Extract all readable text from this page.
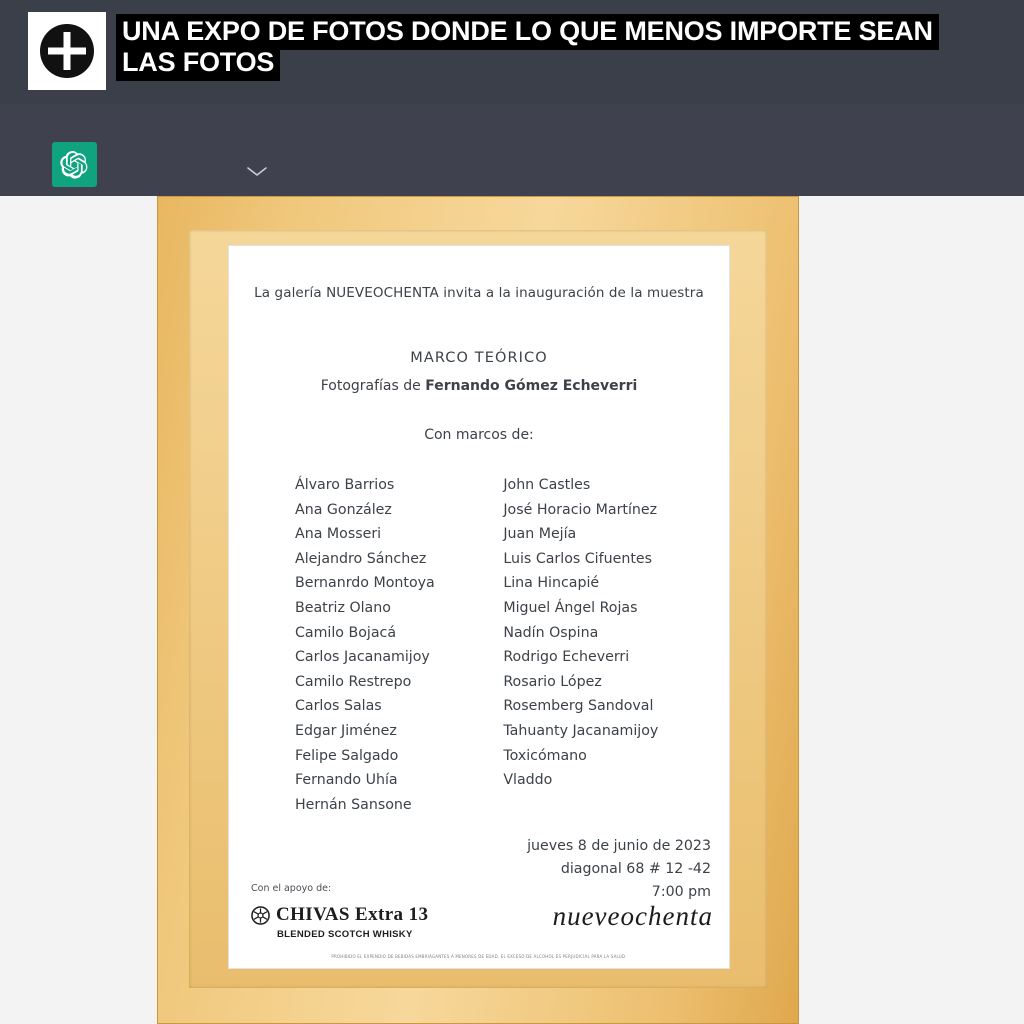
UNA EXPO DE FOTOS DONDE LO QUE MENOS IMPORTE SEAN LAS FOTOS
La galería NUEVEOCHENTA invita a la inauguración de la muestra
MARCO TEÓRICO
Fotografías de Fernando Gómez Echeverri
Con marcos de:
Álvaro Barrios
Ana González
Ana Mosseri
Alejandro Sánchez
Bernanrdo Montoya
Beatriz Olano
Camilo Bojacá
Carlos Jacanamijoy
Camilo Restrepo
Carlos Salas
Edgar Jiménez
Felipe Salgado
Fernando Uhía
Hernán Sansone
John Castles
José Horacio Martínez
Juan Mejía
Luis Carlos Cifuentes
Lina Hincapié
Miguel Ángel Rojas
Nadín Ospina
Rodrigo Echeverri
Rosario López
Rosemberg Sandoval
Tahuanty Jacanamijoy
Toxicómano
Vladdo
jueves 8 de junio de 2023
diagonal 68 # 12 -42
7:00 pm
Con el apoyo de:
CHIVAS Extra 13
BLENDED SCOTCH WHISKY
nueveochenta
PROHIBIDO EL EXPENDIO DE BEBIDAS EMBRIAGANTES A MENORES DE EDAD. EL EXCESO DE ALCOHOL ES PERJUDICIAL PARA LA SALUD.
